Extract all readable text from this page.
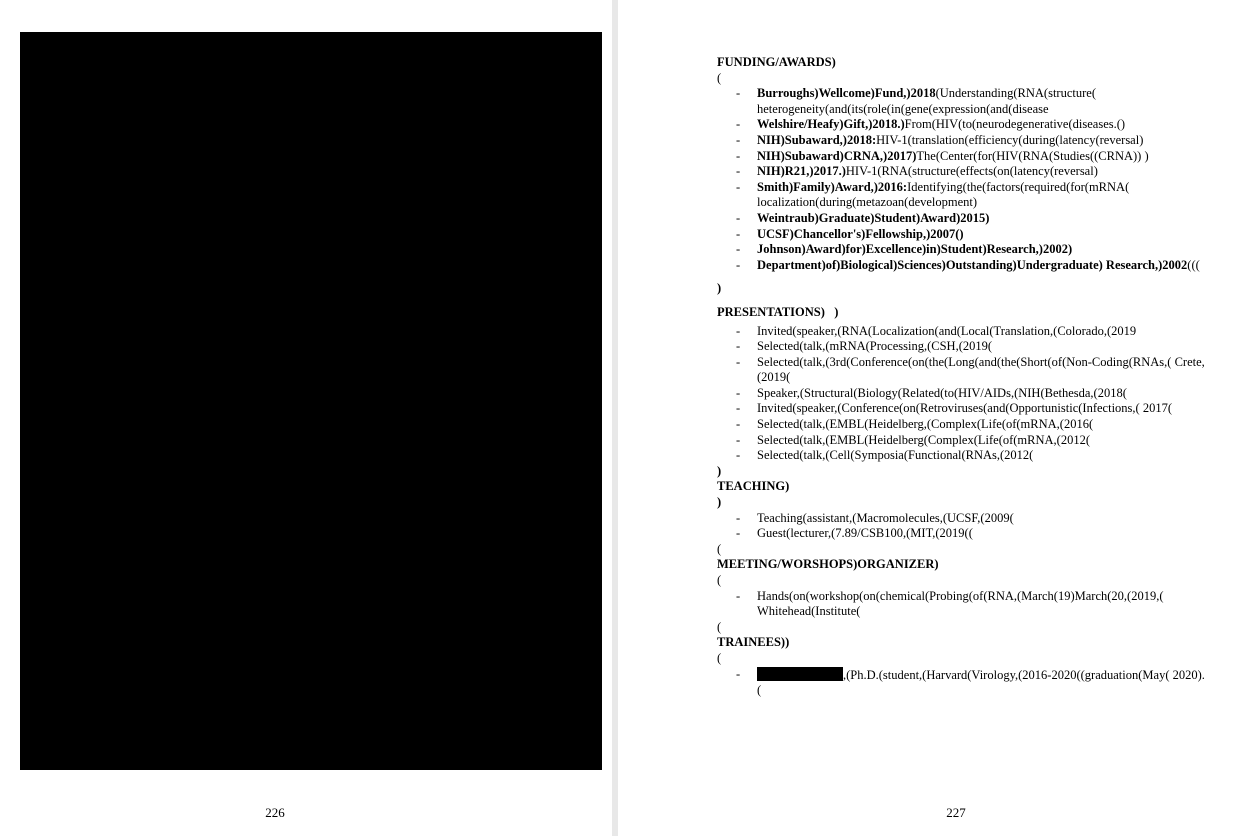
226

FUNDING/AWARDS)

(

- Burroughs)Wellcome)Fund,)2018(Understanding(RNA(structure( heterogeneity(and(its(role(in(gene(expression(and(disease
- Welshire/Heafy)Gift,)2018.)From(HIV(to(neurodegenerative(diseases.()
- NIH)Subaward,)2018:HIV-1(translation(efficiency(during(latency(reversal)
- NIH)Subaward)CRNA,)2017)The(Center(for(HIV(RNA(Studies((CRNA)) )
- NIH)R21,)2017.)HIV-1(RNA(structure(effects(on(latency(reversal)
- Smith)Family)Award,)2016:Identifying(the(factors(required(for(mRNA( localization(during(metazoan(development)
- Weintraub)Graduate)Student)Award)2015)
- UCSF)Chancellor's)Fellowship,)2007()
- Johnson)Award)for)Excellence)in)Student)Research,)2002)
- Department)of)Biological)Sciences)Outstanding)Undergraduate) Research,)2002(((

)

PRESENTATIONS) )

- Invited(speaker,(RNA(Localization(and(Local(Translation,(Colorado,(2019
- Selected(talk,(mRNA(Processing,(CSH,(2019(
- Selected(talk,(3rd(Conference(on(the(Long(and(the(Short(of(Non-Coding(RNAs,( Crete,(2019(
- Speaker,(Structural(Biology(Related(to(HIV/AIDs,(NIH(Bethesda,(2018(
- Invited(speaker,(Conference(on(Retroviruses(and(Opportunistic(Infections,( 2017(
- Selected(talk,(EMBL(Heidelberg,(Complex(Life(of(mRNA,(2016(
- Selected(talk,(EMBL(Heidelberg(Complex(Life(of(mRNA,(2012(
- Selected(talk,(Cell(Symposia(Functional(RNAs,(2012(

)

TEACHING)

)

- Teaching(assistant,(Macromolecules,(UCSF,(2009(
- Guest(lecturer,(7.89/CSB100,(MIT,(2019((

(

MEETING/WORSHOPS)ORGANIZER)

(

- Hands(on(workshop(on(chemical(Probing(of(RNA,(March(19)March(20,(2019,( Whitehead(Institute(

(

TRAINEES))

(

- ,(Ph.D.(student,(Harvard(Virology,(2016-2020((graduation(May( 2020).(
227
